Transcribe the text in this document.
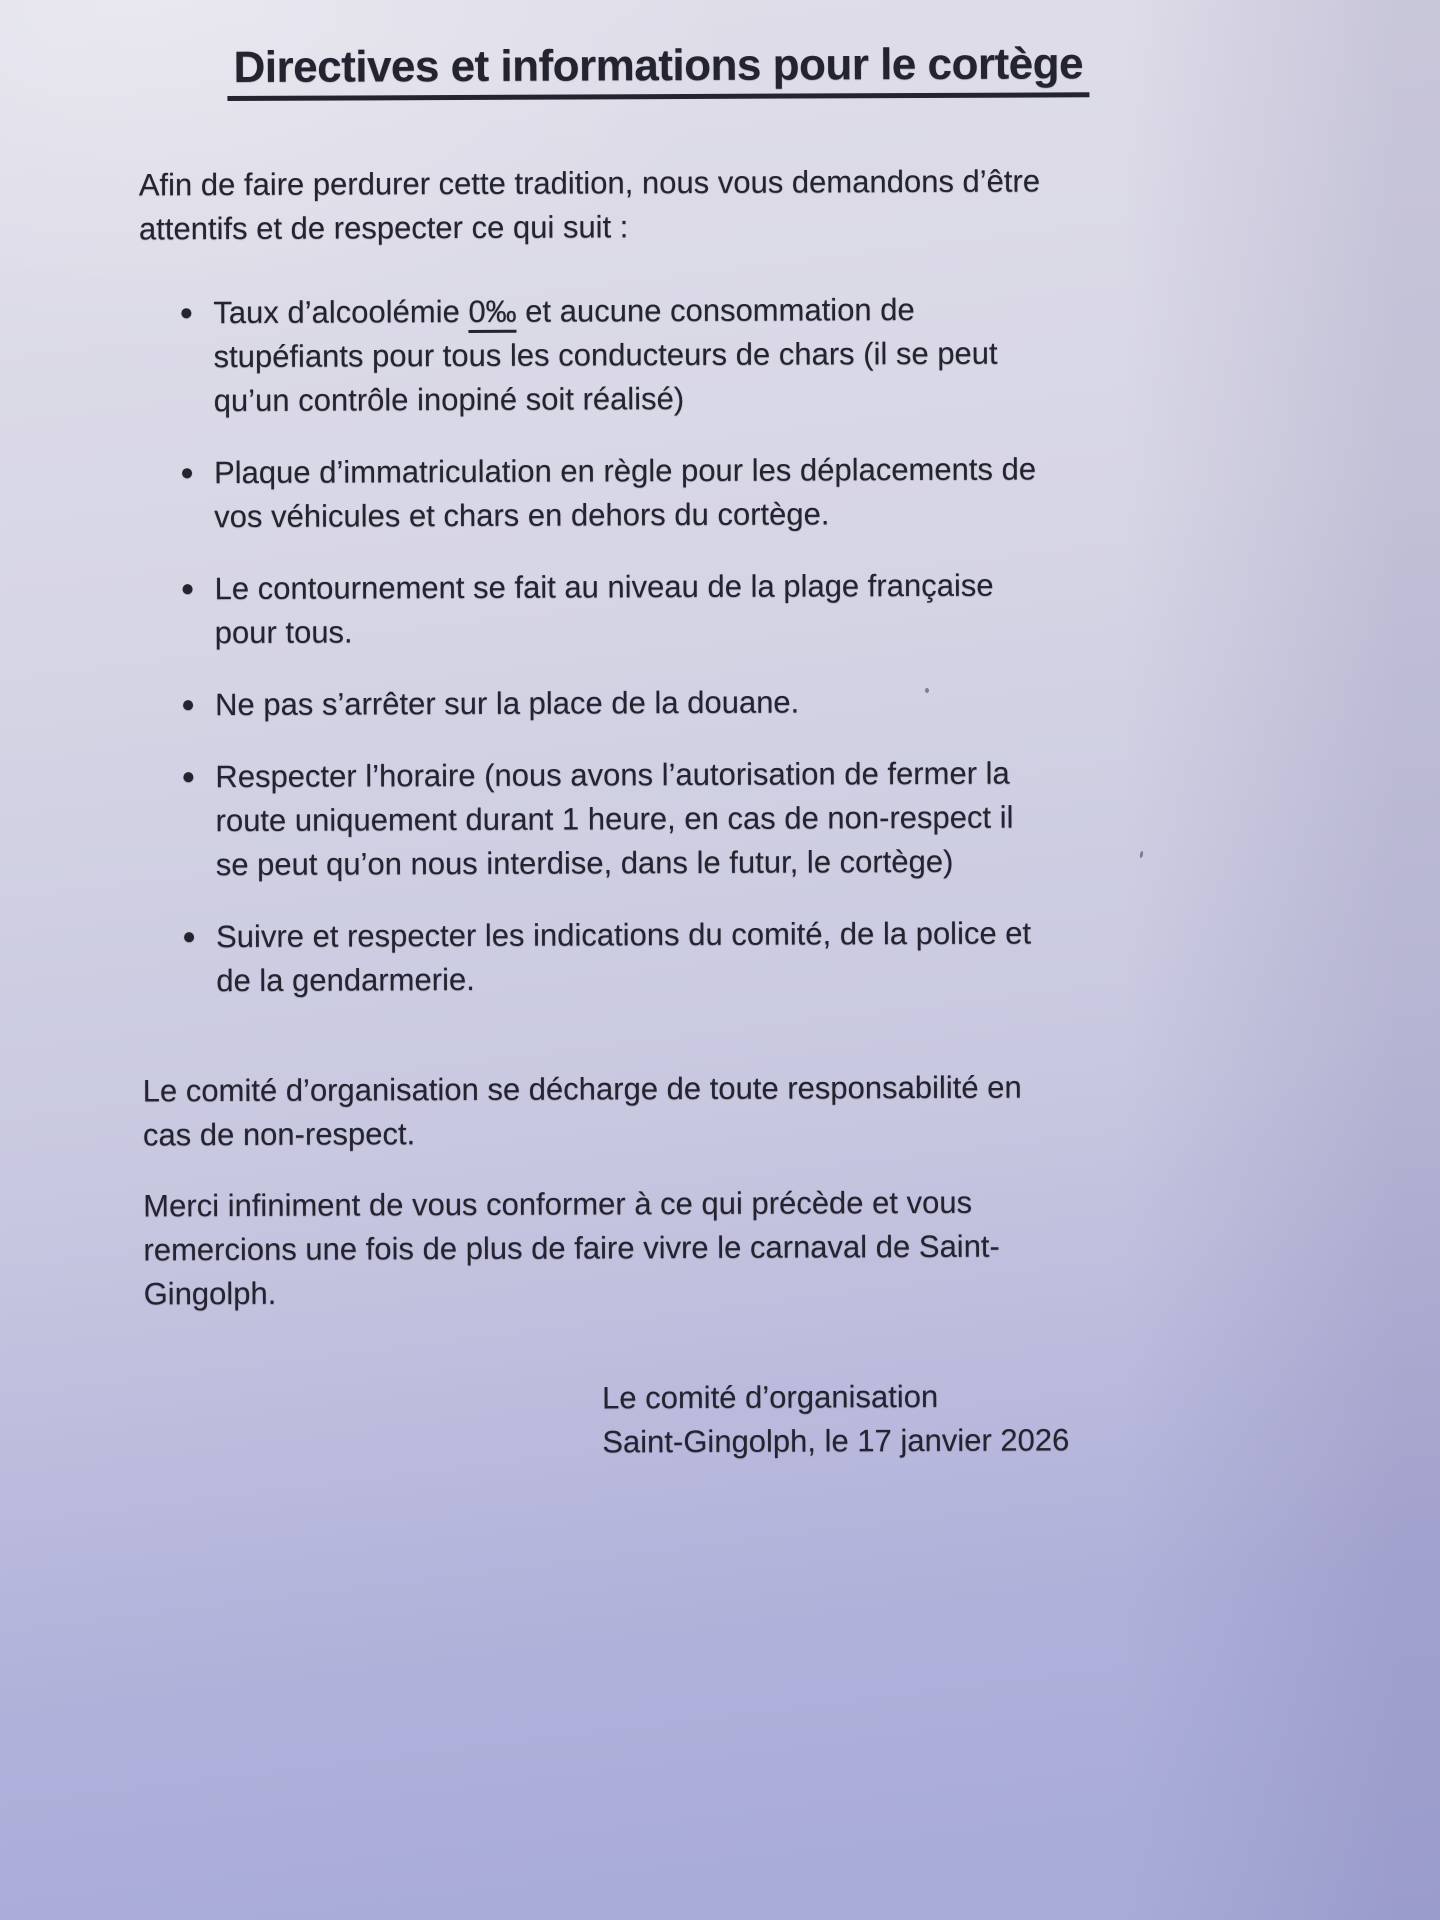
Directives et informations pour le cortège
Afin de faire perdurer cette tradition, nous vous demandons d’être
attentifs et de respecter ce qui suit :
Taux d’alcoolémie 0‰ et aucune consommation de
stupéfiants pour tous les conducteurs de chars (il se peut
qu’un contrôle inopiné soit réalisé)
Plaque d’immatriculation en règle pour les déplacements de
vos véhicules et chars en dehors du cortège.
Le contournement se fait au niveau de la plage française
pour tous.
Ne pas s’arrêter sur la place de la douane.
Respecter l’horaire (nous avons l’autorisation de fermer la
route uniquement durant 1 heure, en cas de non-respect il
se peut qu’on nous interdise, dans le futur, le cortège)
Suivre et respecter les indications du comité, de la police et
de la gendarmerie.
Le comité d’organisation se décharge de toute responsabilité en
cas de non-respect.
Merci infiniment de vous conformer à ce qui précède et vous
remercions une fois de plus de faire vivre le carnaval de Saint-
Gingolph.
Le comité d’organisation
Saint-Gingolph, le 17 janvier 2026
